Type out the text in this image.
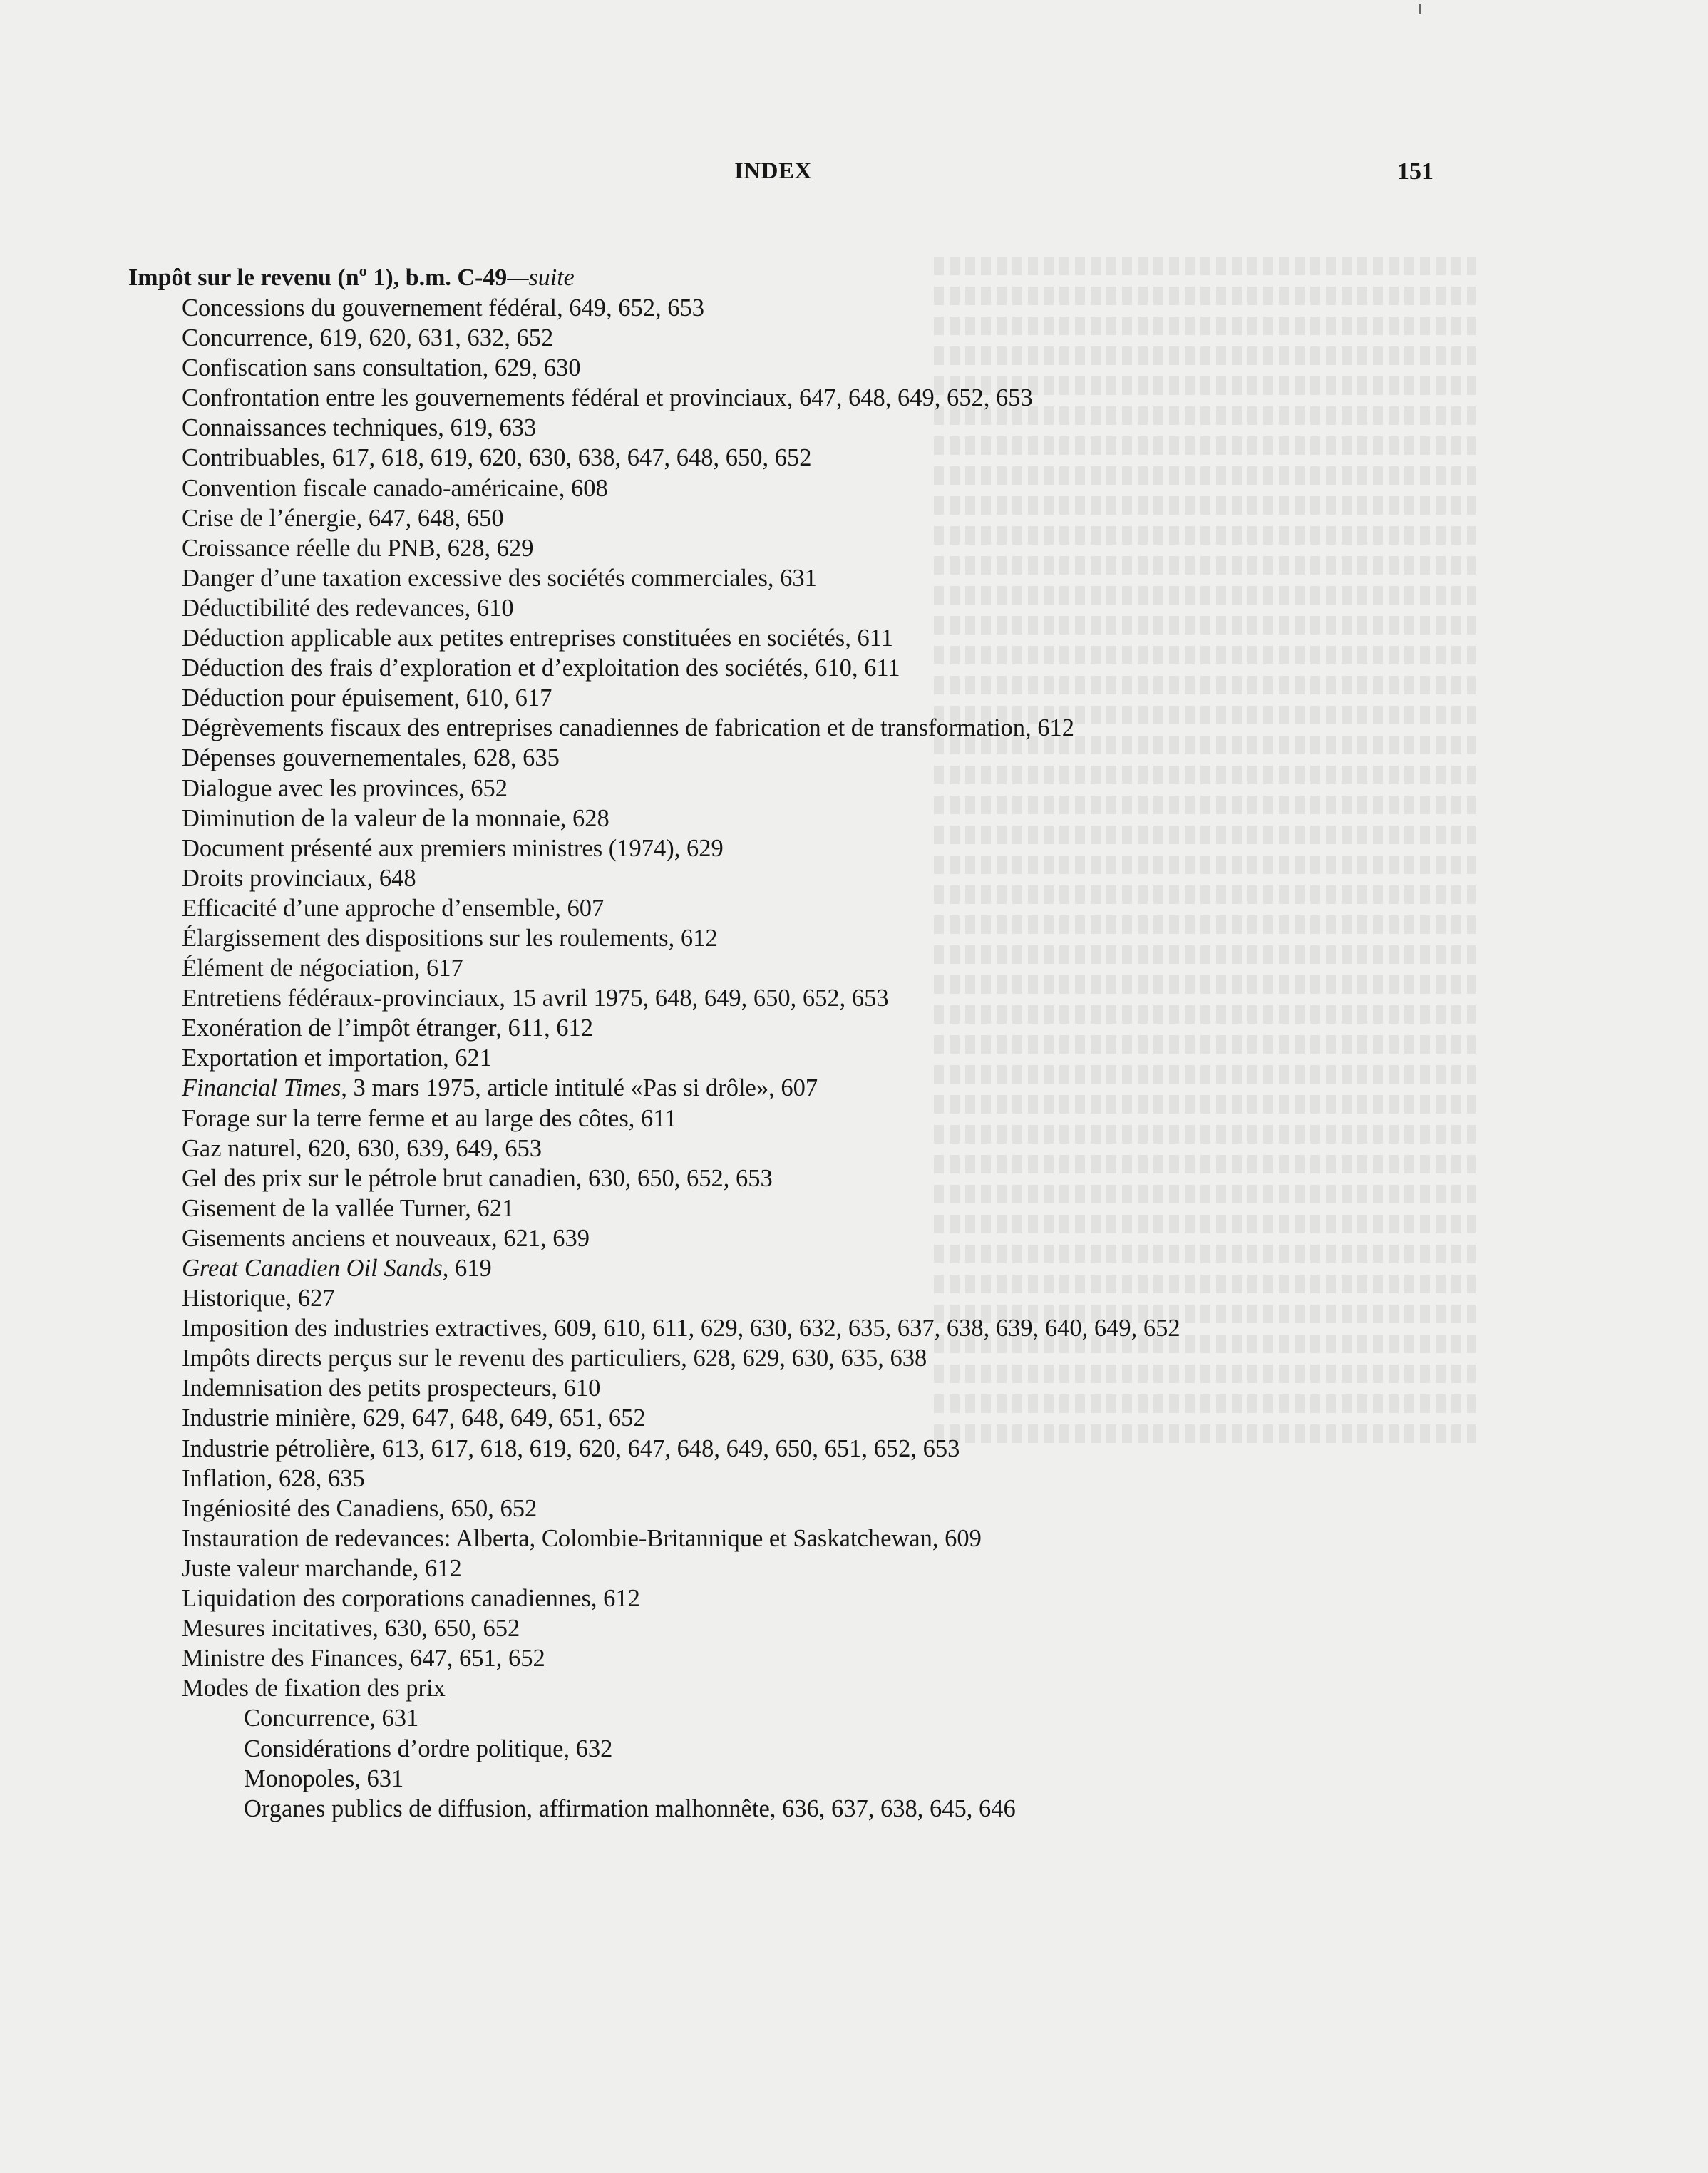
INDEX	151
Impôt sur le revenu (nº 1), b.m. C-49—suite
Concessions du gouvernement fédéral, 649, 652, 653
Concurrence, 619, 620, 631, 632, 652
Confiscation sans consultation, 629, 630
Confrontation entre les gouvernements fédéral et provinciaux, 647, 648, 649, 652, 653
Connaissances techniques, 619, 633
Contribuables, 617, 618, 619, 620, 630, 638, 647, 648, 650, 652
Convention fiscale canado-américaine, 608
Crise de l’énergie, 647, 648, 650
Croissance réelle du PNB, 628, 629
Danger d’une taxation excessive des sociétés commerciales, 631
Déductibilité des redevances, 610
Déduction applicable aux petites entreprises constituées en sociétés, 611
Déduction des frais d’exploration et d’exploitation des sociétés, 610, 611
Déduction pour épuisement, 610, 617
Dégrèvements fiscaux des entreprises canadiennes de fabrication et de transformation, 612
Dépenses gouvernementales, 628, 635
Dialogue avec les provinces, 652
Diminution de la valeur de la monnaie, 628
Document présenté aux premiers ministres (1974), 629
Droits provinciaux, 648
Efficacité d’une approche d’ensemble, 607
Élargissement des dispositions sur les roulements, 612
Élément de négociation, 617
Entretiens fédéraux-provinciaux, 15 avril 1975, 648, 649, 650, 652, 653
Exonération de l’impôt étranger, 611, 612
Exportation et importation, 621
Financial Times, 3 mars 1975, article intitulé «Pas si drôle», 607
Forage sur la terre ferme et au large des côtes, 611
Gaz naturel, 620, 630, 639, 649, 653
Gel des prix sur le pétrole brut canadien, 630, 650, 652, 653
Gisement de la vallée Turner, 621
Gisements anciens et nouveaux, 621, 639
Great Canadien Oil Sands, 619
Historique, 627
Imposition des industries extractives, 609, 610, 611, 629, 630, 632, 635, 637, 638, 639, 640, 649, 652
Impôts directs perçus sur le revenu des particuliers, 628, 629, 630, 635, 638
Indemnisation des petits prospecteurs, 610
Industrie minière, 629, 647, 648, 649, 651, 652
Industrie pétrolière, 613, 617, 618, 619, 620, 647, 648, 649, 650, 651, 652, 653
Inflation, 628, 635
Ingéniosité des Canadiens, 650, 652
Instauration de redevances: Alberta, Colombie-Britannique et Saskatchewan, 609
Juste valeur marchande, 612
Liquidation des corporations canadiennes, 612
Mesures incitatives, 630, 650, 652
Ministre des Finances, 647, 651, 652
Modes de fixation des prix
Concurrence, 631
Considérations d’ordre politique, 632
Monopoles, 631
Organes publics de diffusion, affirmation malhonnête, 636, 637, 638, 645, 646
